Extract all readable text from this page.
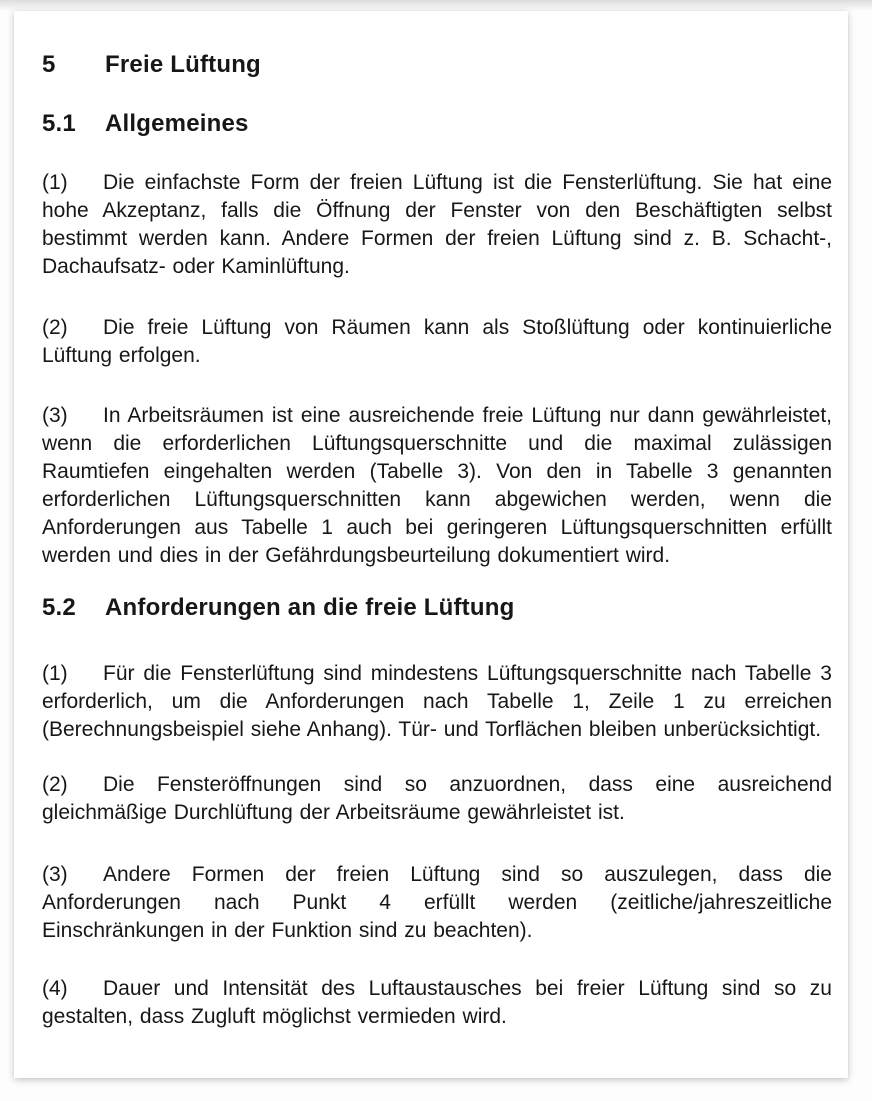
5 Freie Lüftung
5.1 Allgemeines

(1) Die einfachste Form der freien Lüftung ist die Fensterlüftung. Sie hat eine hohe Akzeptanz, falls die Öffnung der Fenster von den Beschäftigten selbst bestimmt werden kann. Andere Formen der freien Lüftung sind z. B. Schacht-, Dachaufsatz- oder Kaminlüftung.

(2) Die freie Lüftung von Räumen kann als Stoßlüftung oder kontinuierliche Lüftung erfolgen.

(3) In Arbeitsräumen ist eine ausreichende freie Lüftung nur dann gewährleistet, wenn die erforderlichen Lüftungsquerschnitte und die maximal zulässigen Raumtiefen eingehalten werden (Tabelle 3). Von den in Tabelle 3 genannten erforderlichen Lüftungsquerschnitten kann abgewichen werden, wenn die Anforderungen aus Tabelle 1 auch bei geringeren Lüftungsquerschnitten erfüllt werden und dies in der Gefährdungsbeurteilung dokumentiert wird.

5.2 Anforderungen an die freie Lüftung

(1) Für die Fensterlüftung sind mindestens Lüftungsquerschnitte nach Tabelle 3 erforderlich, um die Anforderungen nach Tabelle 1, Zeile 1 zu erreichen (Berechnungsbeispiel siehe Anhang). Tür- und Torflächen bleiben unberücksichtigt.

(2) Die Fensteröffnungen sind so anzuordnen, dass eine ausreichend gleichmäßige Durchlüftung der Arbeitsräume gewährleistet ist.

(3) Andere Formen der freien Lüftung sind so auszulegen, dass die Anforderungen nach Punkt 4 erfüllt werden (zeitliche/jahreszeitliche Einschränkungen in der Funktion sind zu beachten).

(4) Dauer und Intensität des Luftaustausches bei freier Lüftung sind so zu gestalten, dass Zugluft möglichst vermieden wird.
